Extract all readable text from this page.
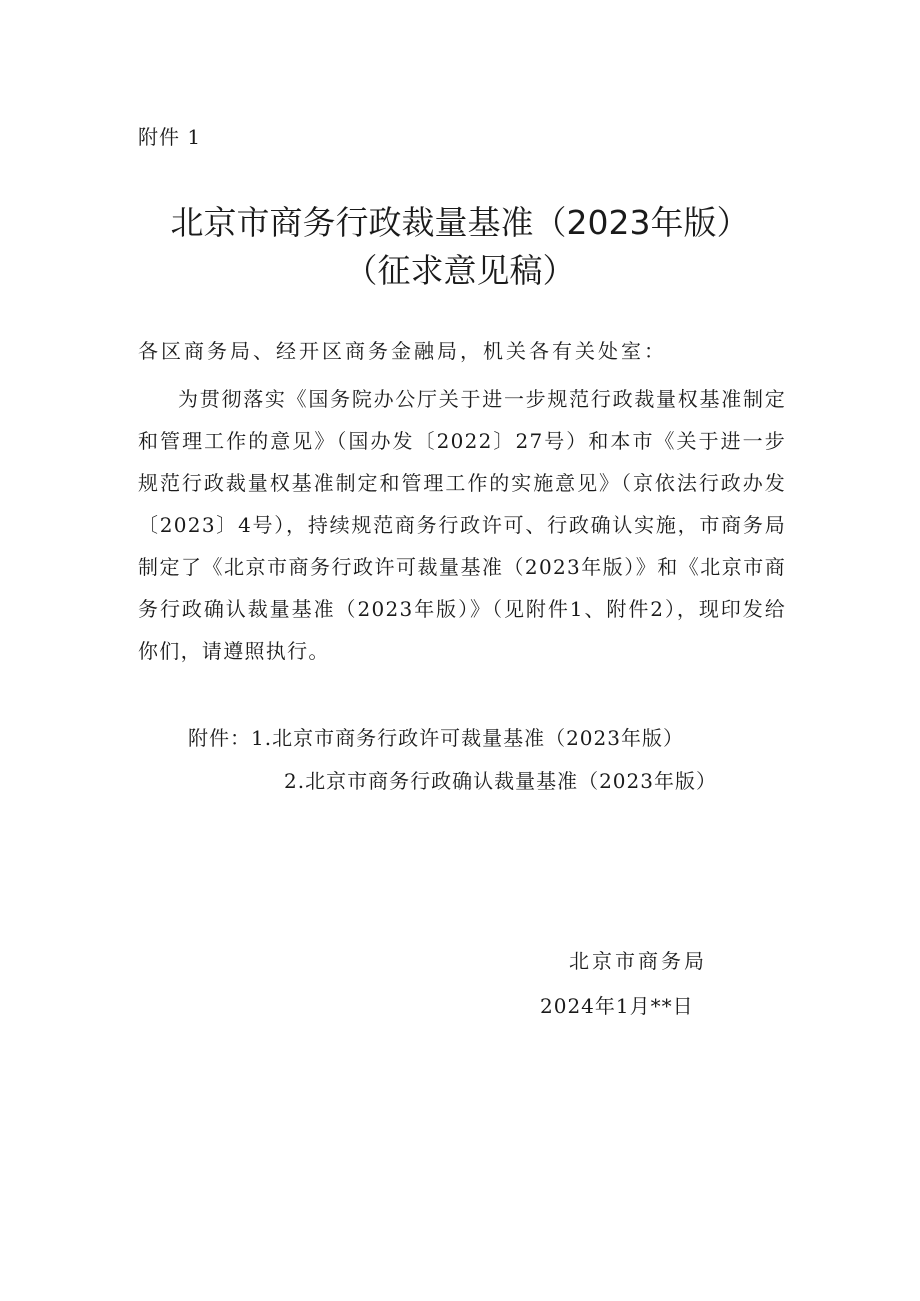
附件 1
北京市商务行政裁量基准（2023年版）
（征求意见稿）
各区商务局、经开区商务金融局，机关各有关处室：

为贯彻落实《国务院办公厅关于进一步规范行政裁量权基准制定和管理工作的意见》（国办发〔2022〕27号）和本市《关于进一步规范行政裁量权基准制定和管理工作的实施意见》（京依法行政办发〔2023〕4号），持续规范商务行政许可、行政确认实施，市商务局制定了《北京市商务行政许可裁量基准（2023年版）》和《北京市商务行政确认裁量基准（2023年版）》（见附件1、附件2），现印发给你们，请遵照执行。

附件：1.北京市商务行政许可裁量基准（2023年版）
2.北京市商务行政确认裁量基准（2023年版）
北京市商务局
2024年1月**日
